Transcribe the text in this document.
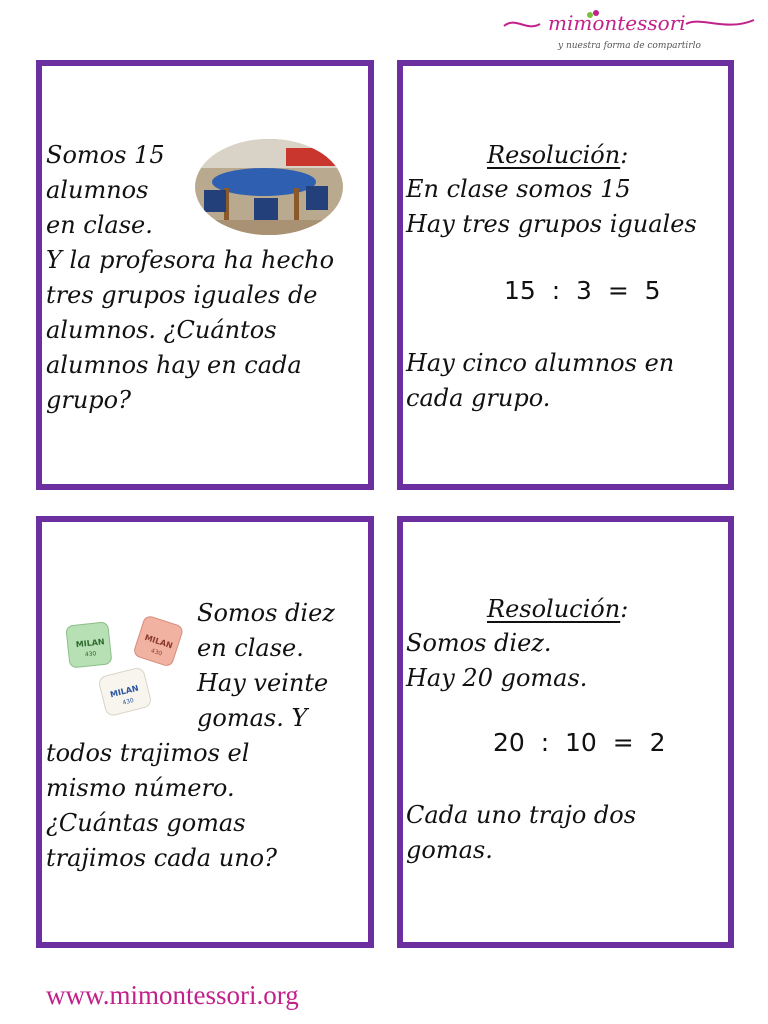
mimontessori
y nuestra forma de compartirlo

Somos 15
alumnos
en clase.
Y la profesora ha hecho
tres grupos iguales de
alumnos. ¿Cuántos
alumnos hay en cada
grupo?

Resolución:

En clase somos 15
Hay tres grupos iguales

15  :  3  =  5

Hay cinco alumnos en
cada grupo.

MILAN
430
MILAN
430
MILAN
430

Somos diez
en clase.
Hay veinte
gomas. Y

todos trajimos el
mismo número.
¿Cuántas gomas
trajimos cada uno?

Resolución:

Somos diez.
Hay 20 gomas.

20  :  10  =  2

Cada uno trajo dos
gomas.

www.mimontessori.org
